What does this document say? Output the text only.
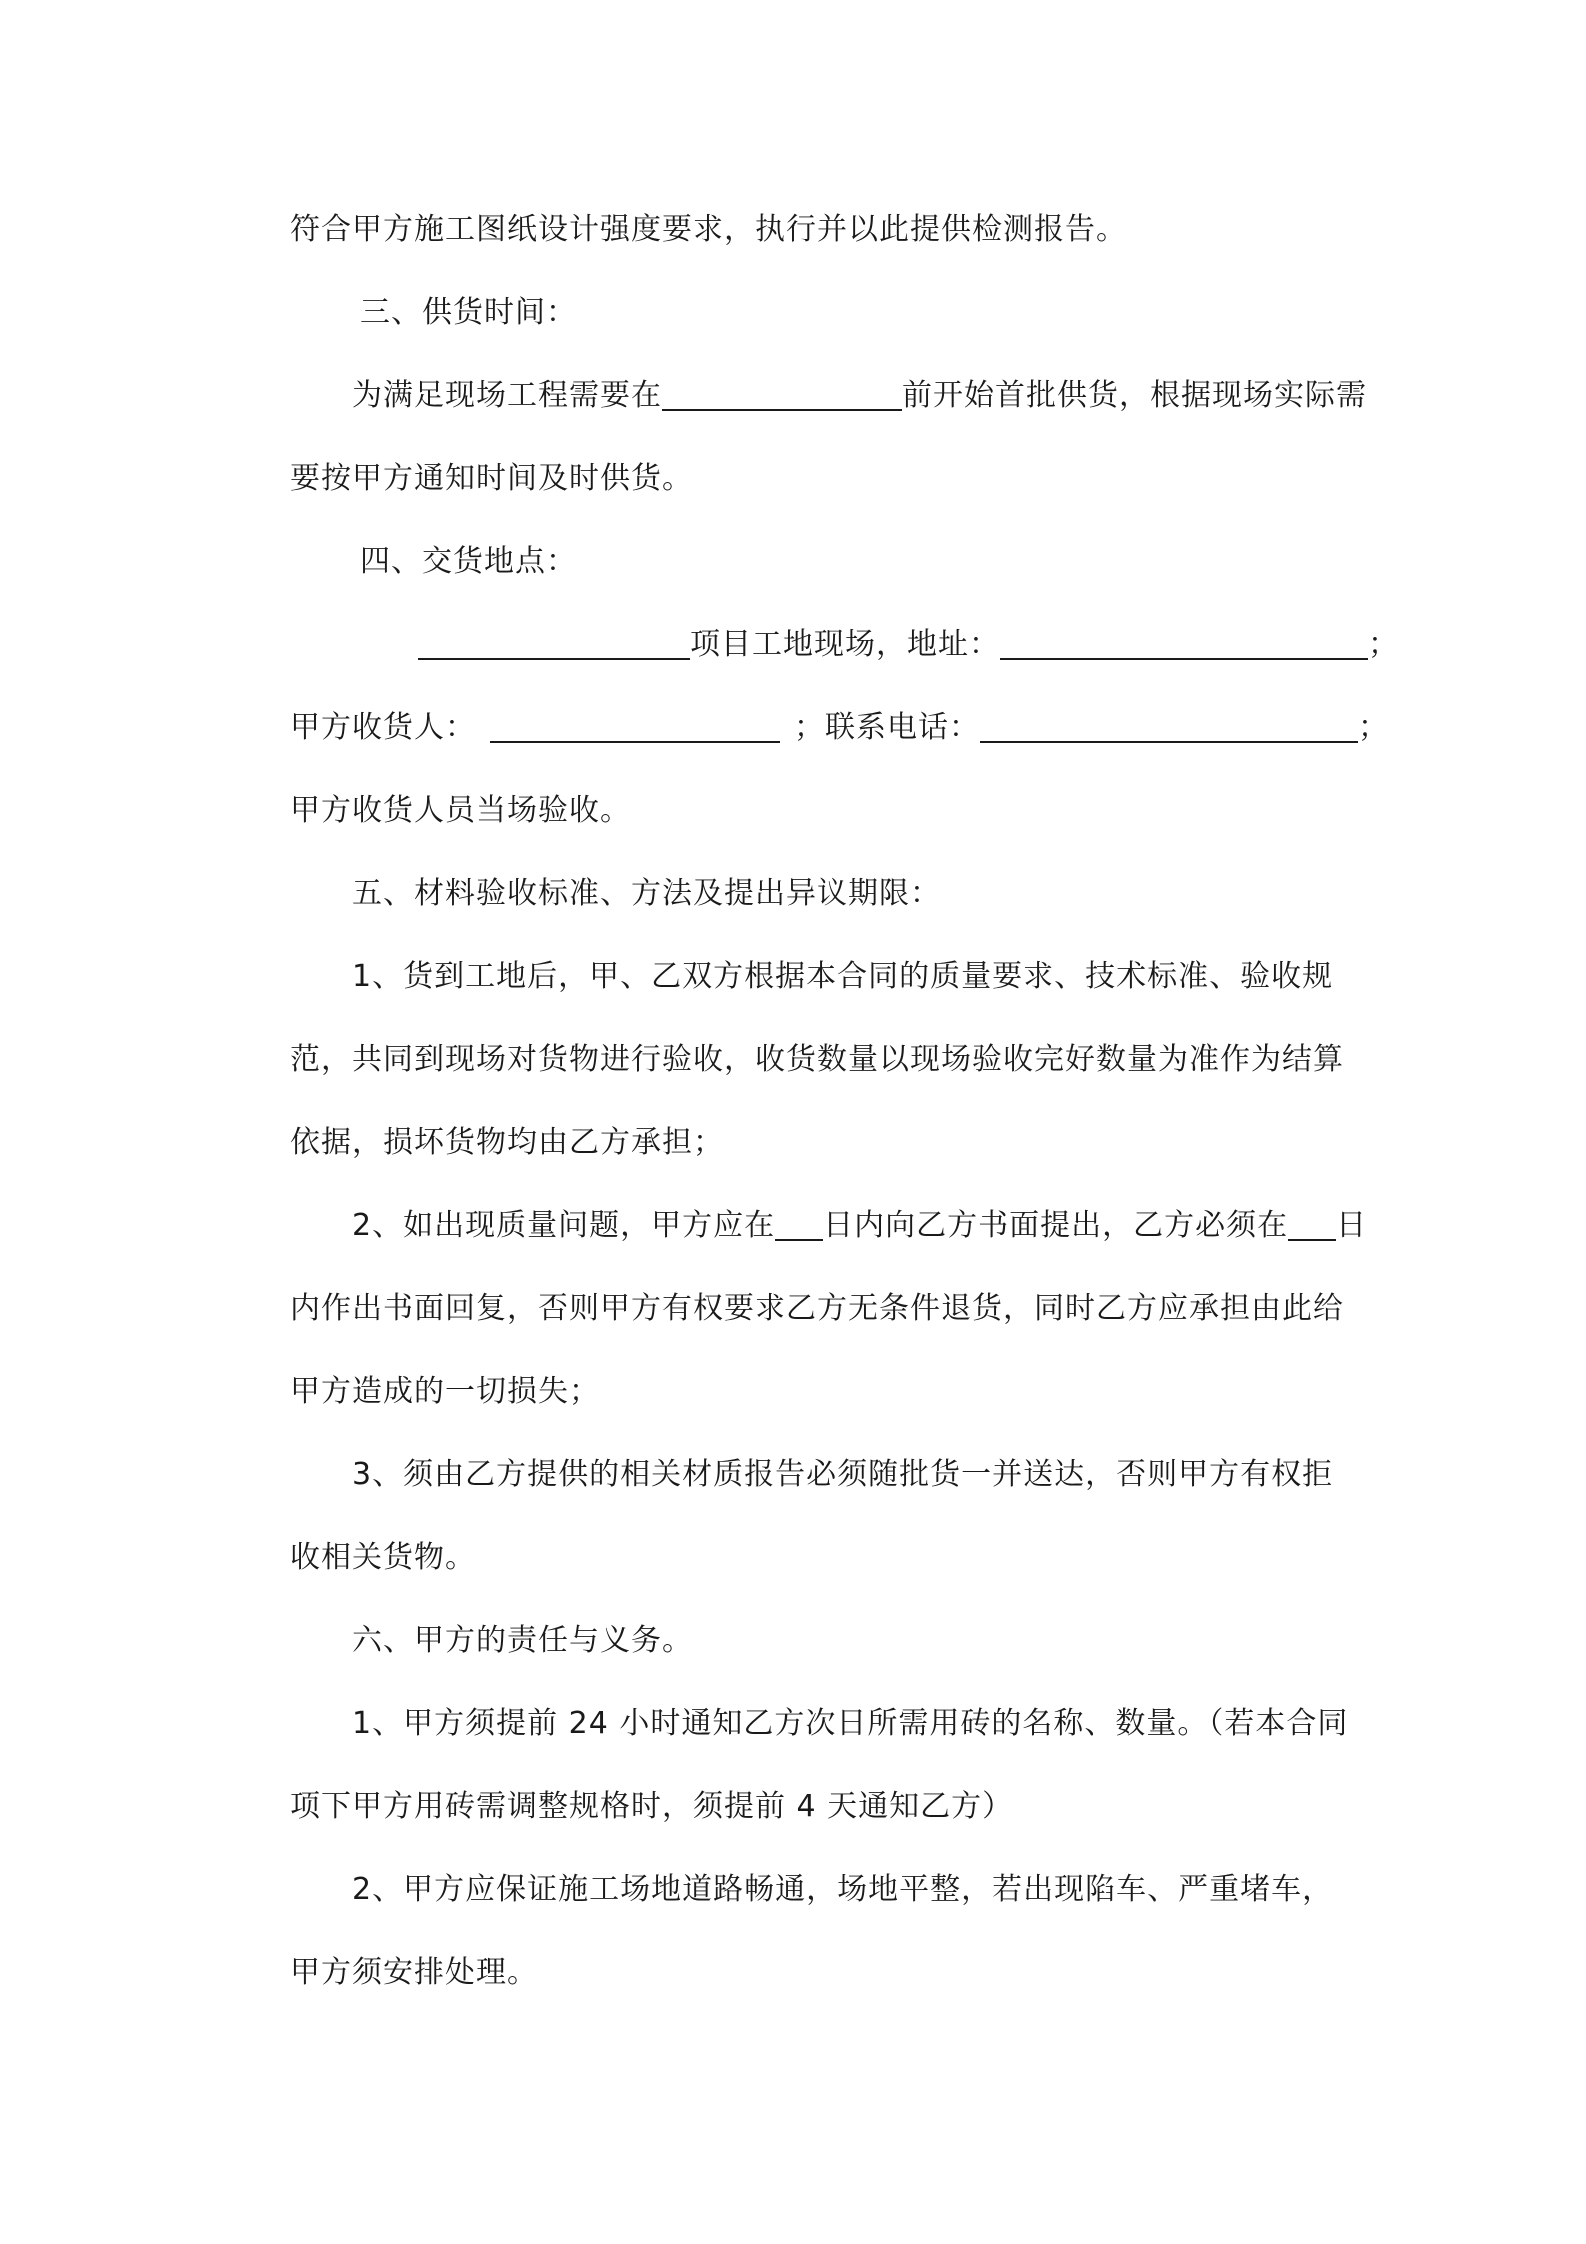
符合甲方施工图纸设计强度要求，执行并以此提供检测报告。
三、供货时间：
为满足现场工程需要在	前开始首批供货，根据现场实际需
要按甲方通知时间及时供货。
四、交货地点：
项目工地现场，地址：	；
甲方收货人：	；联系电话：	；
甲方收货人员当场验收。
五、材料验收标准、方法及提出异议期限：
1、货到工地后，甲、乙双方根据本合同的质量要求、技术标准、验收规
范，共同到现场对货物进行验收，收货数量以现场验收完好数量为准作为结算
依据，损坏货物均由乙方承担；
2、如出现质量问题，甲方应在 日内向乙方书面提出，乙方必须在 日
内作出书面回复，否则甲方有权要求乙方无条件退货，同时乙方应承担由此给
甲方造成的一切损失；
3、须由乙方提供的相关材质报告必须随批货一并送达，否则甲方有权拒
收相关货物。
六、甲方的责任与义务。
1、甲方须提前 24 小时通知乙方次日所需用砖的名称、数量。（若本合同
项下甲方用砖需调整规格时，须提前 4 天通知乙方）
2、甲方应保证施工场地道路畅通，场地平整，若出现陷车、严重堵车，
甲方须安排处理。
